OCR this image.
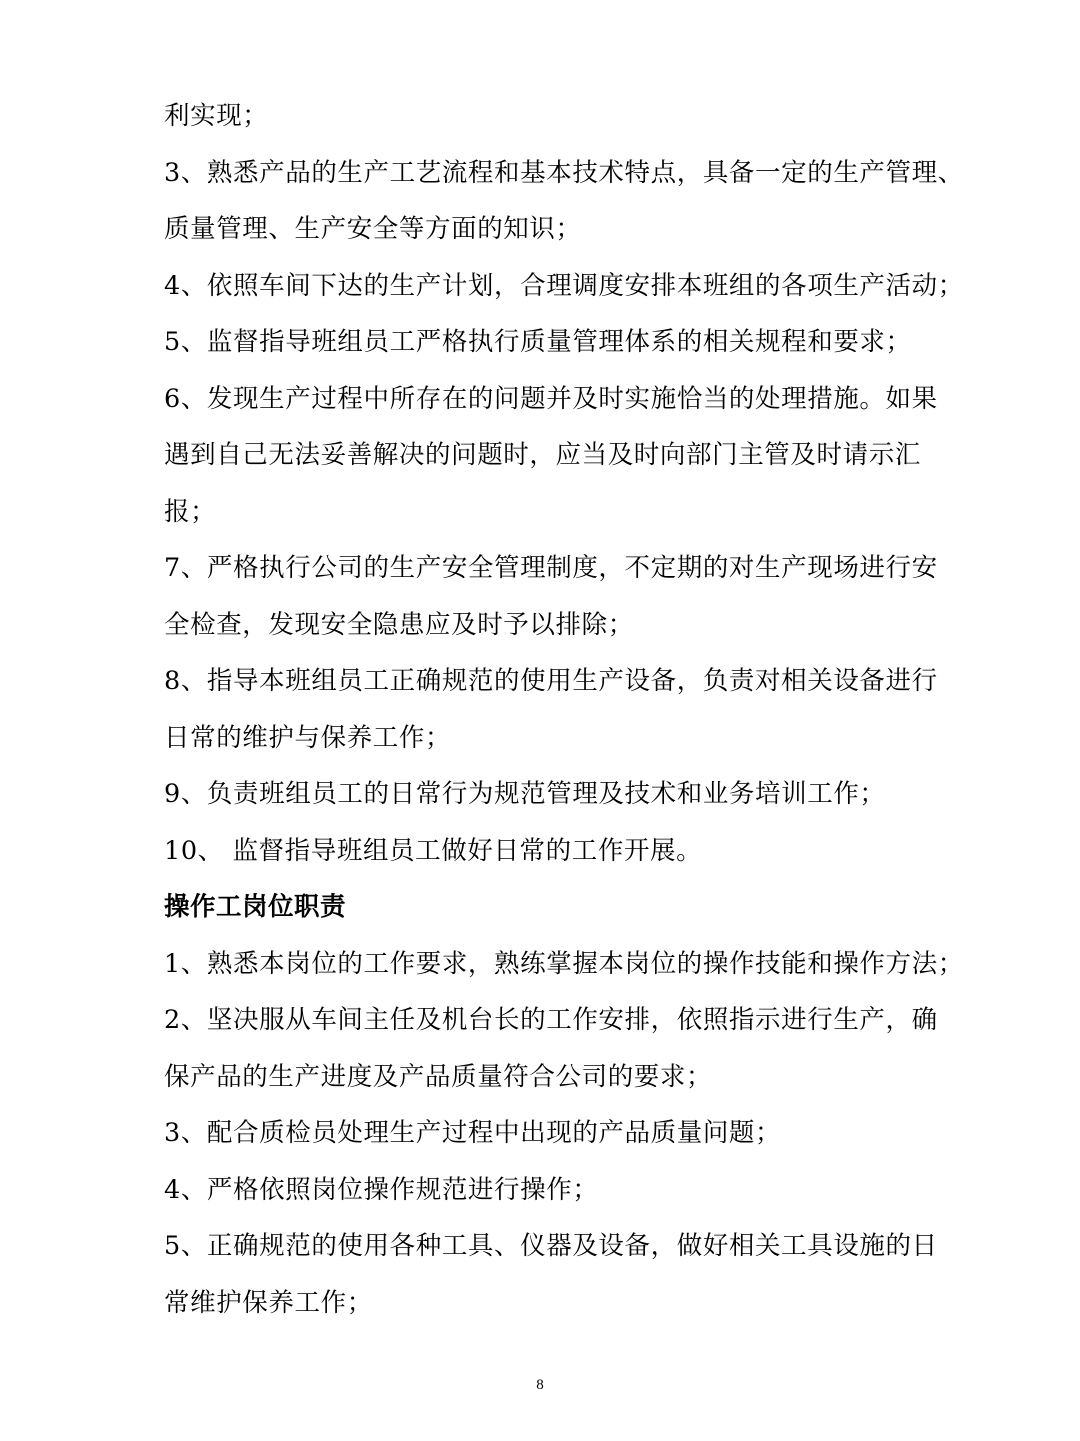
利实现；
3、熟悉产品的生产工艺流程和基本技术特点，具备一定的生产管理、
质量管理、生产安全等方面的知识；
4、依照车间下达的生产计划，合理调度安排本班组的各项生产活动；
5、监督指导班组员工严格执行质量管理体系的相关规程和要求；
6、发现生产过程中所存在的问题并及时实施恰当的处理措施。如果
遇到自己无法妥善解决的问题时，应当及时向部门主管及时请示汇
报；
7、严格执行公司的生产安全管理制度，不定期的对生产现场进行安
全检查，发现安全隐患应及时予以排除；
8、指导本班组员工正确规范的使用生产设备，负责对相关设备进行
日常的维护与保养工作；
9、负责班组员工的日常行为规范管理及技术和业务培训工作；
10、 监督指导班组员工做好日常的工作开展。
操作工岗位职责
1、熟悉本岗位的工作要求，熟练掌握本岗位的操作技能和操作方法；
2、坚决服从车间主任及机台长的工作安排，依照指示进行生产，确
保产品的生产进度及产品质量符合公司的要求；
3、配合质检员处理生产过程中出现的产品质量问题；
4、严格依照岗位操作规范进行操作；
5、正确规范的使用各种工具、仪器及设备，做好相关工具设施的日
常维护保养工作；
8
